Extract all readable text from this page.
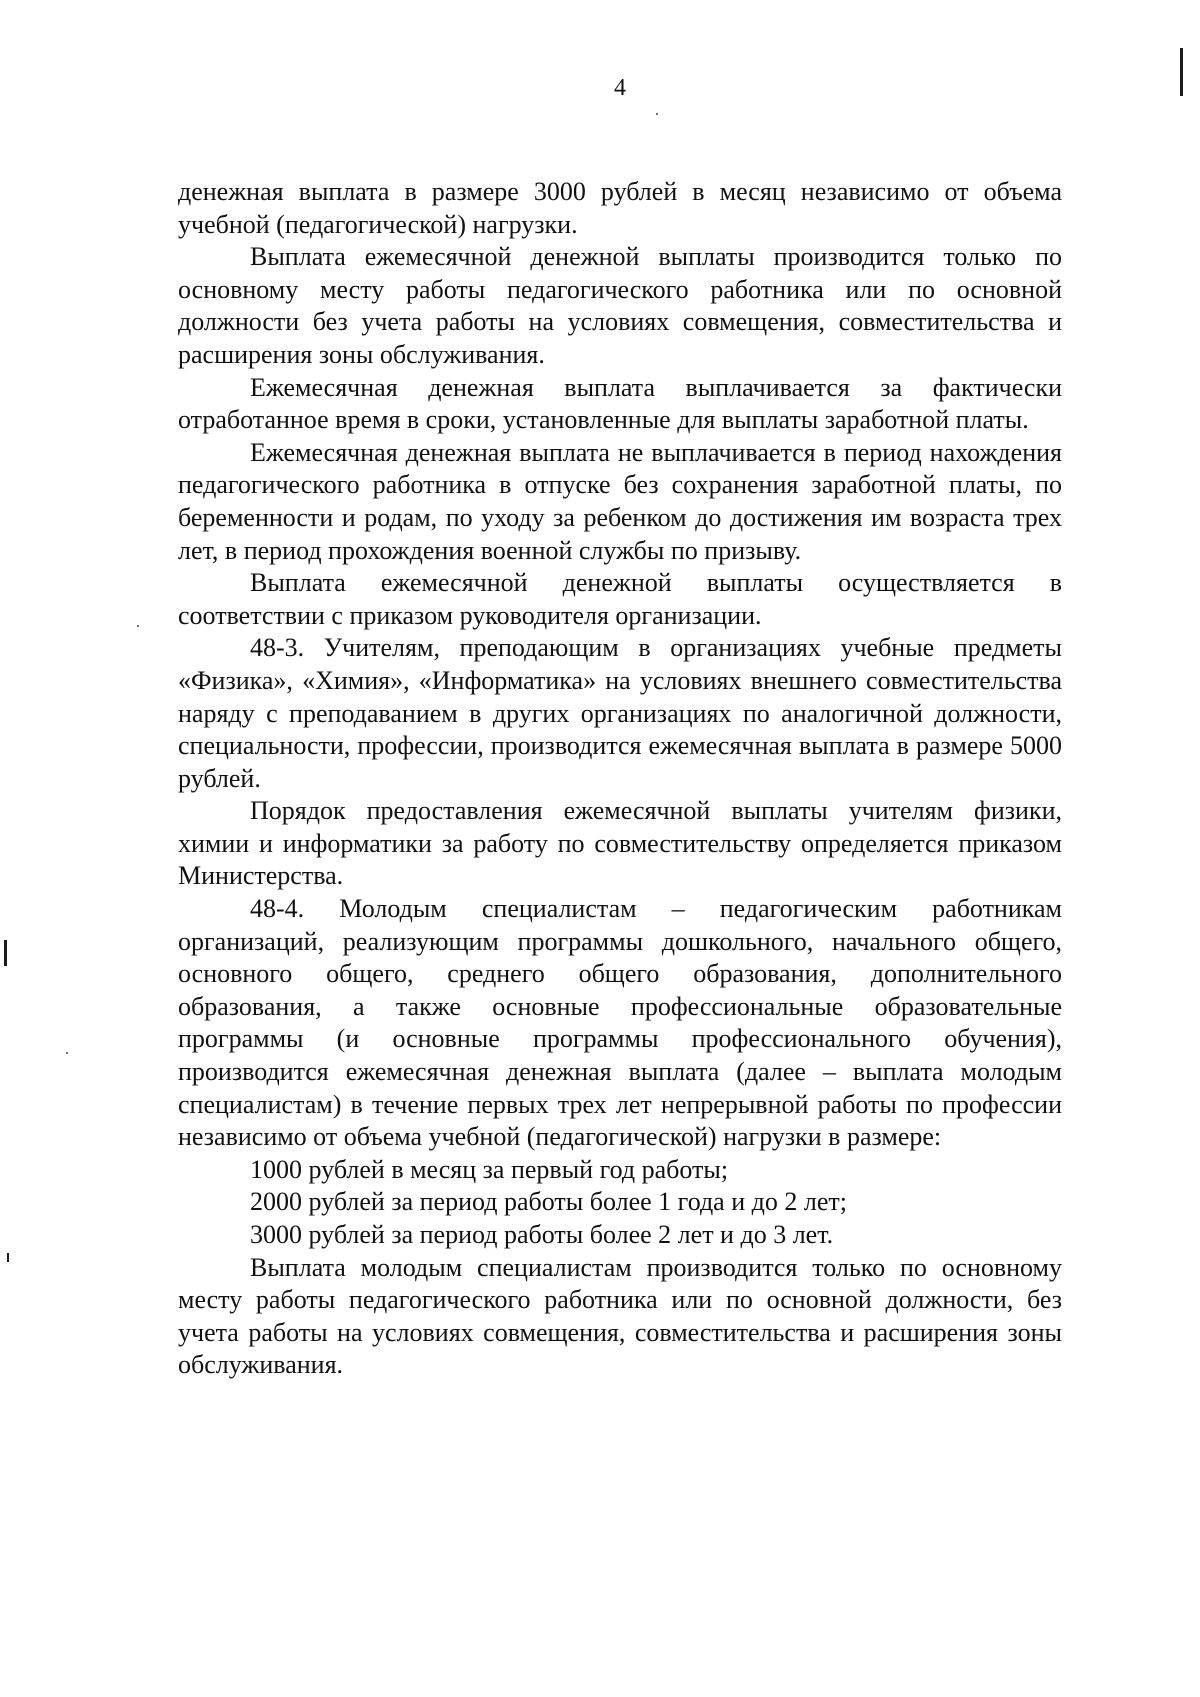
4

денежная выплата в размере 3000 рублей в месяц независимо от объема учебной (педагогической) нагрузки.

Выплата ежемесячной денежной выплаты производится только по основному месту работы педагогического работника или по основной должности без учета работы на условиях совмещения, совместительства и расширения зоны обслуживания.

Ежемесячная денежная выплата выплачивается за фактически отработанное время в сроки, установленные для выплаты заработной платы.

Ежемесячная денежная выплата не выплачивается в период нахождения педагогического работника в отпуске без сохранения заработной платы, по беременности и родам, по уходу за ребенком до достижения им возраста трех лет, в период прохождения военной службы по призыву.

Выплата ежемесячной денежной выплаты осуществляется в соответствии с приказом руководителя организации.

48-3. Учителям, преподающим в организациях учебные предметы «Физика», «Химия», «Информатика» на условиях внешнего совместительства наряду с преподаванием в других организациях по аналогичной должности, специальности, профессии, производится ежемесячная выплата в размере 5000 рублей.

Порядок предоставления ежемесячной выплаты учителям физики, химии и информатики за работу по совместительству определяется приказом Министерства.

48-4. Молодым специалистам – педагогическим работникам организаций, реализующим программы дошкольного, начального общего, основного общего, среднего общего образования, дополнительного образования, а также основные профессиональные образовательные программы (и основные программы профессионального обучения), производится ежемесячная денежная выплата (далее – выплата молодым специалистам) в течение первых трех лет непрерывной работы по профессии независимо от объема учебной (педагогической) нагрузки в размере:

1000 рублей в месяц за первый год работы;

2000 рублей за период работы более 1 года и до 2 лет;

3000 рублей за период работы более 2 лет и до 3 лет.

Выплата молодым специалистам производится только по основному месту работы педагогического работника или по основной должности, без учета работы на условиях совмещения, совместительства и расширения зоны обслуживания.
